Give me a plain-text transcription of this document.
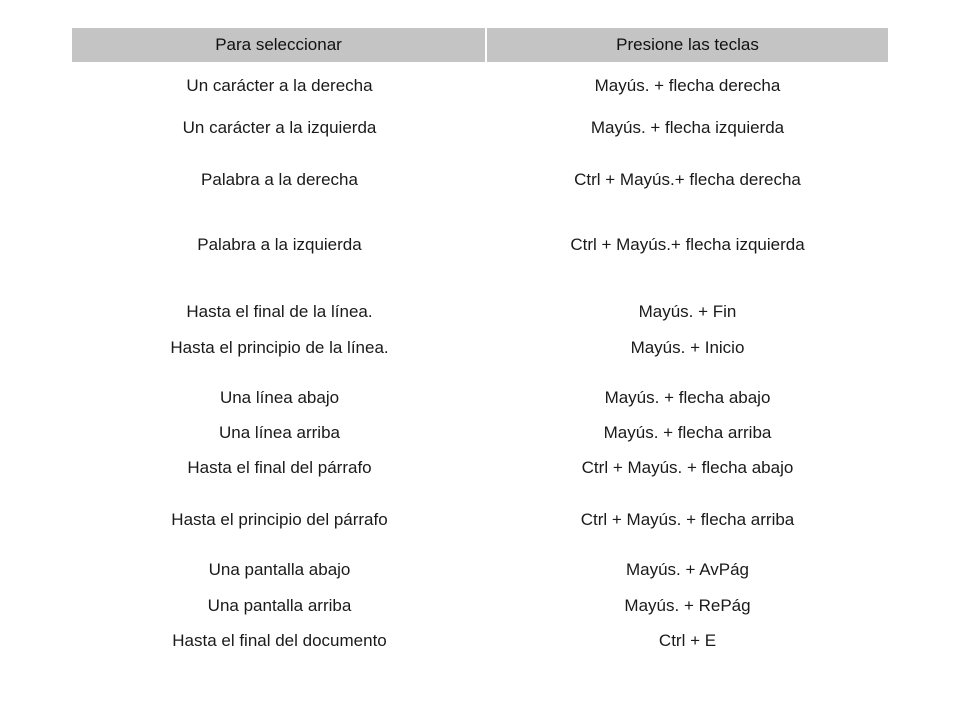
Para seleccionar	Presione las teclas
Un carácter a la derecha	Mayús. + flecha derecha
Un carácter a la izquierda	Mayús. + flecha izquierda
Palabra a la derecha	Ctrl + Mayús.+ flecha derecha
Palabra a la izquierda	Ctrl + Mayús.+ flecha izquierda
Hasta el final de la línea.	Mayús. + Fin
Hasta el principio de la línea.	Mayús. + Inicio
Una línea abajo	Mayús. + flecha abajo
Una línea arriba	Mayús. + flecha arriba
Hasta el final del párrafo	Ctrl + Mayús. + flecha abajo
Hasta el principio del párrafo	Ctrl + Mayús. + flecha arriba
Una pantalla abajo	Mayús. + AvPág
Una pantalla arriba	Mayús. + RePág
Hasta el final del documento	Ctrl + E
